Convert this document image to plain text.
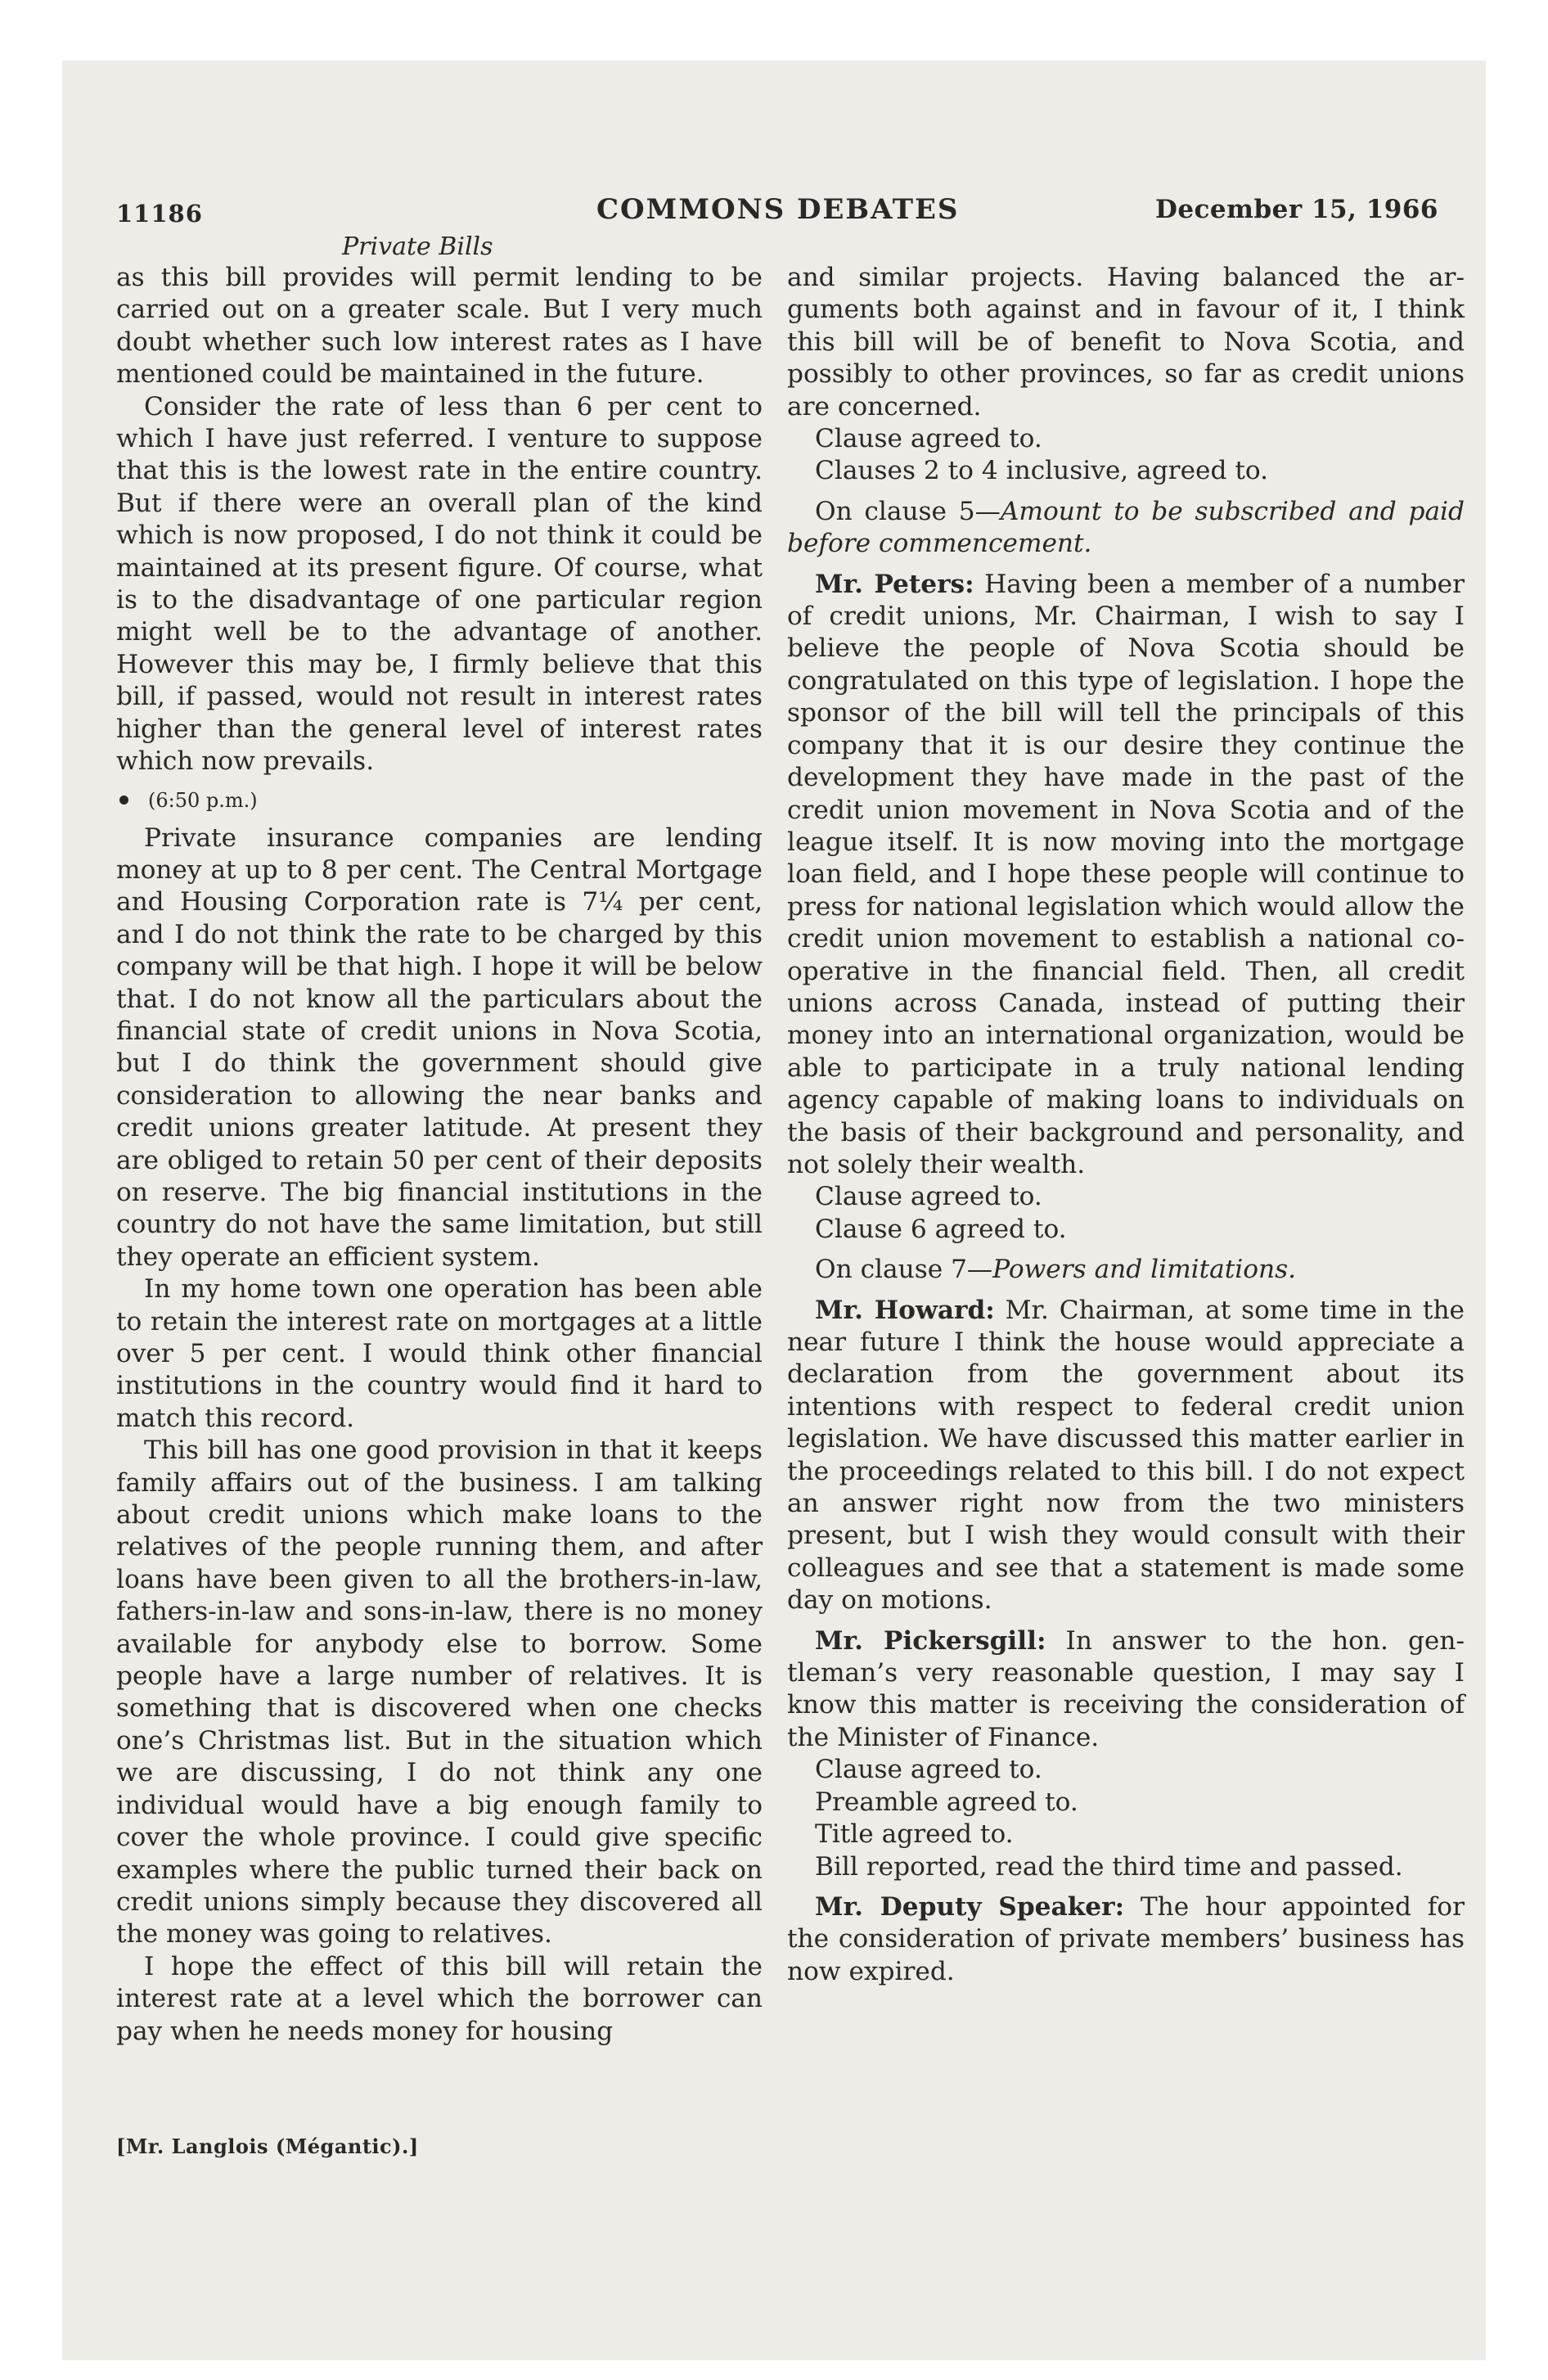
11186	COMMONS DEBATES	December 15, 1966
Private Bills

as this bill provides will permit lending to be carried out on a greater scale. But I very much doubt whether such low interest rates as I have mentioned could be maintained in the future.

Consider the rate of less than 6 per cent to which I have just referred. I venture to suppose that this is the lowest rate in the entire country. But if there were an overall plan of the kind which is now proposed, I do not think it could be maintained at its present figure. Of course, what is to the disadvantage of one particular region might well be to the advantage of another. However this may be, I firmly believe that this bill, if passed, would not result in interest rates higher than the general level of interest rates which now prevails.

(6:50 p.m.)

Private insurance companies are lending money at up to 8 per cent. The Central Mortgage and Housing Corporation rate is 7¼ per cent, and I do not think the rate to be charged by this company will be that high. I hope it will be below that. I do not know all the particulars about the financial state of credit unions in Nova Scotia, but I do think the government should give consideration to allowing the near banks and credit unions greater latitude. At present they are obliged to retain 50 per cent of their deposits on reserve. The big financial institutions in the country do not have the same limitation, but still they operate an efficient system.

In my home town one operation has been able to retain the interest rate on mortgages at a little over 5 per cent. I would think other financial institutions in the country would find it hard to match this record.

This bill has one good provision in that it keeps family affairs out of the business. I am talking about credit unions which make loans to the relatives of the people running them, and after loans have been given to all the brothers-in-law, fathers-in-law and sons-in-law, there is no money available for anybody else to borrow. Some people have a large number of relatives. It is something that is discovered when one checks one’s Christmas list. But in the situation which we are discussing, I do not think any one individual would have a big enough family to cover the whole province. I could give specific examples where the public turned their back on credit unions simply because they discovered all the money was going to relatives.

I hope the effect of this bill will retain the interest rate at a level which the borrower can pay when he needs money for housing

[Mr. Langlois (Mégantic).]

and similar projects. Having balanced the arguments both against and in favour of it, I think this bill will be of benefit to Nova Scotia, and possibly to other provinces, so far as credit unions are concerned.

Clause agreed to.

Clauses 2 to 4 inclusive, agreed to.

On clause 5—Amount to be subscribed and paid before commencement.

Mr. Peters: Having been a member of a number of credit unions, Mr. Chairman, I wish to say I believe the people of Nova Scotia should be congratulated on this type of legislation. I hope the sponsor of the bill will tell the principals of this company that it is our desire they continue the development they have made in the past of the credit union movement in Nova Scotia and of the league itself. It is now moving into the mortgage loan field, and I hope these people will continue to press for national legislation which would allow the credit union movement to establish a national co-operative in the financial field. Then, all credit unions across Canada, instead of putting their money into an international organization, would be able to participate in a truly national lending agency capable of making loans to individuals on the basis of their background and personality, and not solely their wealth.

Clause agreed to.

Clause 6 agreed to.

On clause 7—Powers and limitations.

Mr. Howard: Mr. Chairman, at some time in the near future I think the house would appreciate a declaration from the government about its intentions with respect to federal credit union legislation. We have discussed this matter earlier in the proceedings related to this bill. I do not expect an answer right now from the two ministers present, but I wish they would consult with their colleagues and see that a statement is made some day on motions.

Mr. Pickersgill: In answer to the hon. gentleman’s very reasonable question, I may say I know this matter is receiving the consideration of the Minister of Finance.

Clause agreed to.

Preamble agreed to.

Title agreed to.

Bill reported, read the third time and passed.

Mr. Deputy Speaker: The hour appointed for the consideration of private members’ business has now expired.
